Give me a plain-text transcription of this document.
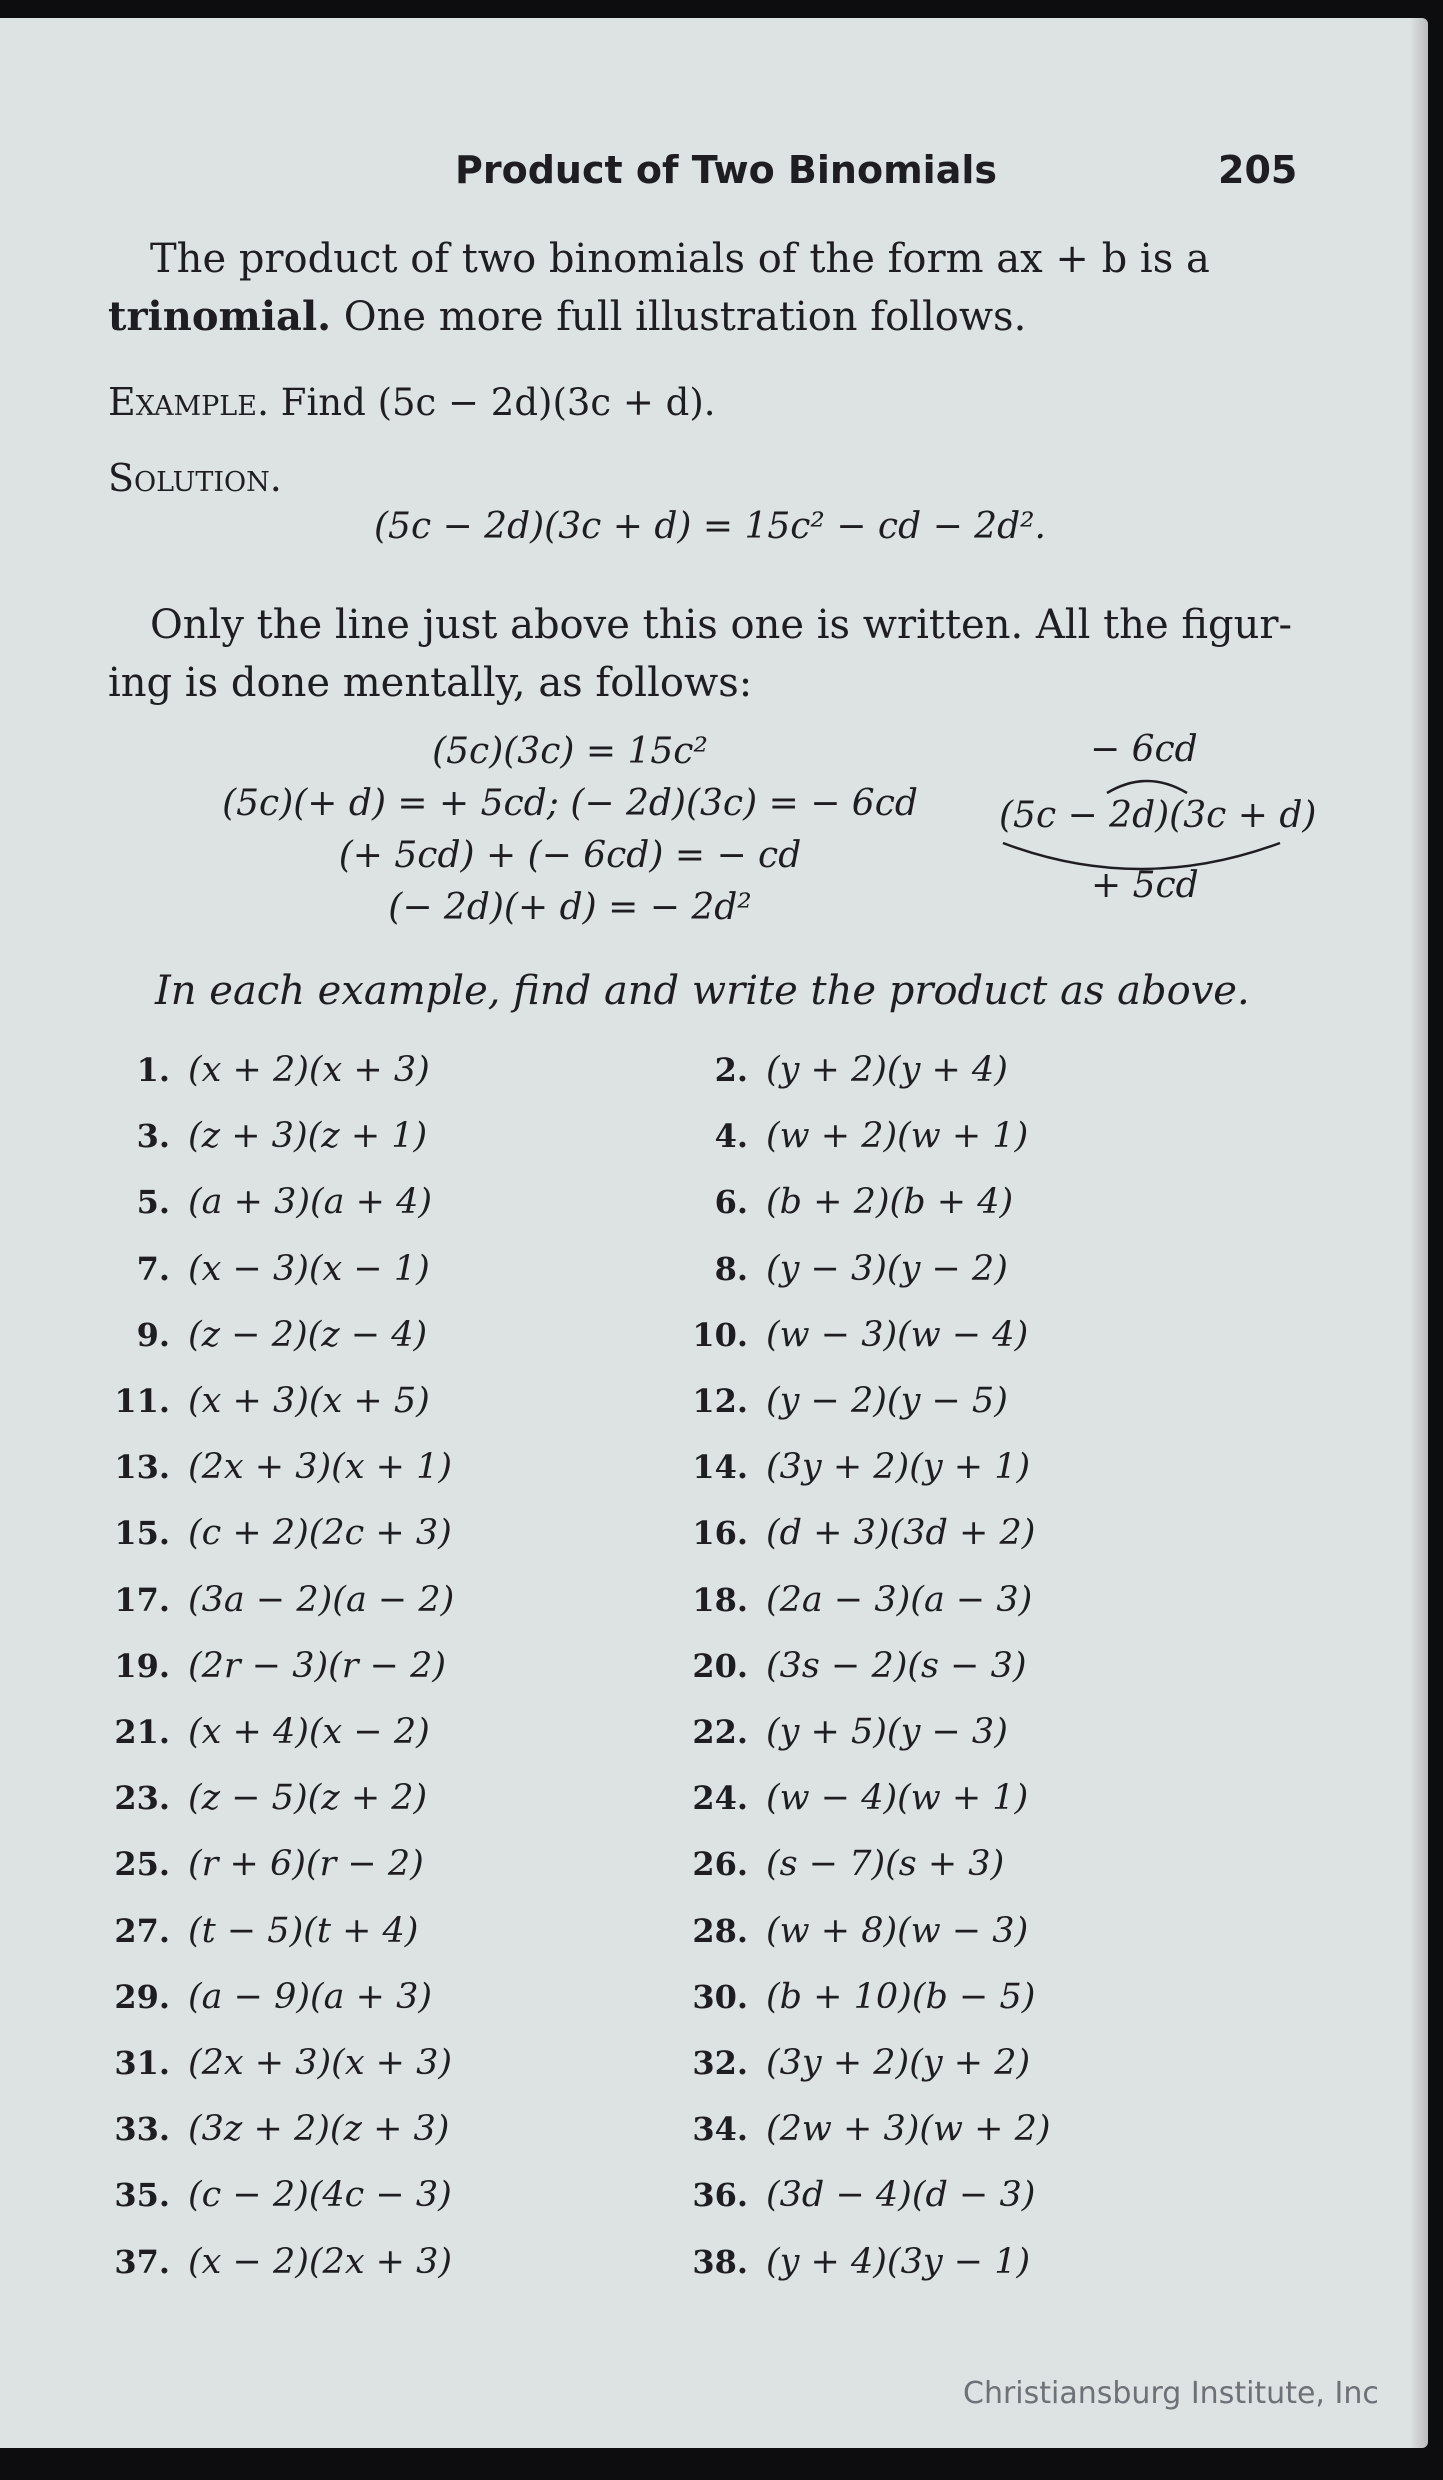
Product of Two Binomials	205
The product of two binomials of the form ax + b is a
trinomial. One more full illustration follows.
Example. Find (5c − 2d)(3c + d).
Solution.
(5c − 2d)(3c + d) = 15c² − cd − 2d².
Only the line just above this one is written. All the figur-
ing is done mentally, as follows:
(5c)(3c) = 15c²
(5c)(+ d) = + 5cd; (− 2d)(3c) = − 6cd
(+ 5cd) + (− 6cd) = − cd
(− 2d)(+ d) = − 2d²
− 6cd
(5c − 2d)(3c + d)
+ 5cd
In each example, find and write the product as above.
1. (x + 2)(x + 3)	2. (y + 2)(y + 4)
3. (z + 3)(z + 1)	4. (w + 2)(w + 1)
5. (a + 3)(a + 4)	6. (b + 2)(b + 4)
7. (x − 3)(x − 1)	8. (y − 3)(y − 2)
9. (z − 2)(z − 4)	10. (w − 3)(w − 4)
11. (x + 3)(x + 5)	12. (y − 2)(y − 5)
13. (2x + 3)(x + 1)	14. (3y + 2)(y + 1)
15. (c + 2)(2c + 3)	16. (d + 3)(3d + 2)
17. (3a − 2)(a − 2)	18. (2a − 3)(a − 3)
19. (2r − 3)(r − 2)	20. (3s − 2)(s − 3)
21. (x + 4)(x − 2)	22. (y + 5)(y − 3)
23. (z − 5)(z + 2)	24. (w − 4)(w + 1)
25. (r + 6)(r − 2)	26. (s − 7)(s + 3)
27. (t − 5)(t + 4)	28. (w + 8)(w − 3)
29. (a − 9)(a + 3)	30. (b + 10)(b − 5)
31. (2x + 3)(x + 3)	32. (3y + 2)(y + 2)
33. (3z + 2)(z + 3)	34. (2w + 3)(w + 2)
35. (c − 2)(4c − 3)	36. (3d − 4)(d − 3)
37. (x − 2)(2x + 3)	38. (y + 4)(3y − 1)
Christiansburg Institute, Inc
